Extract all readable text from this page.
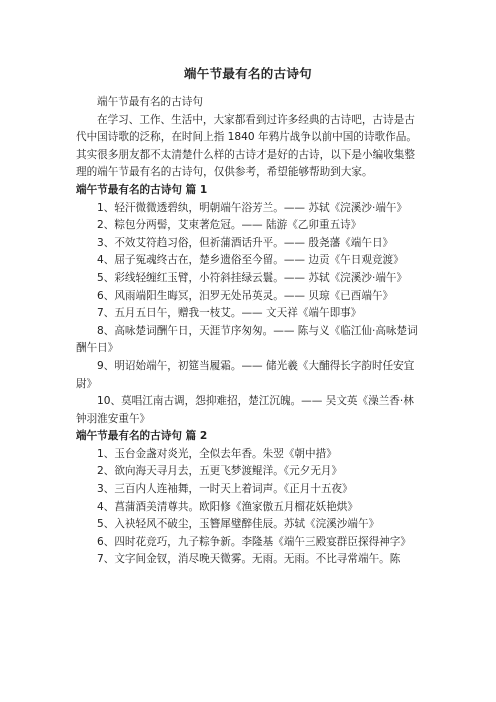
端午节最有名的古诗句

端午节最有名的古诗句

在学习、工作、生活中，大家都看到过许多经典的古诗吧，古诗是古代中国诗歌的泛称，在时间上指 1840 年鸦片战争以前中国的诗歌作品。其实很多朋友都不太清楚什么样的古诗才是好的古诗，以下是小编收集整理的端午节最有名的古诗句，仅供参考，希望能够帮助到大家。

端午节最有名的古诗句 篇 1

1、轻汗微微透碧纨，明朝端午浴芳兰。—— 苏轼《浣溪沙·端午》

2、粽包分两髻，艾束著危冠。—— 陆游《乙卯重五诗》

3、不效艾符趋习俗，但祈蒲酒话升平。—— 殷尧藩《端午日》

4、屈子冤魂终古在，楚乡遗俗至今留。—— 边贡《午日观竞渡》

5、彩线轻缠红玉臂，小符斜挂绿云鬟。—— 苏轼《浣溪沙·端午》

6、风雨端阳生晦冥，汨罗无处吊英灵。—— 贝琼《已酉端午》

7、五月五日午，赠我一枝艾。—— 文天祥《端午即事》

8、高咏楚词酬午日，天涯节序匆匆。—— 陈与义《临江仙·高咏楚词酬午日》

9、明诏始端午，初筵当履霜。—— 储光羲《大酺得长字韵时任安宜尉》

10、莫唱江南古调，怨抑难招，楚江沉魄。—— 吴文英《澡兰香·林钟羽淮安重午》

端午节最有名的古诗句 篇 2

1、玉台金盏对炎光，全似去年香。朱翌《朝中措》

2、欲向海天寻月去，五更飞梦渡鲲洋。《元夕无月》

3、三百内人连袖舞，一时天上着词声。《正月十五夜》

4、菖蒲酒美清尊共。欧阳修《渔家傲五月榴花妖艳烘》

5、入袂轻风不破尘，玉簪犀璧醉佳辰。苏轼《浣溪沙端午》

6、四时花竞巧，九子粽争新。李隆基《端午三殿宴群臣探得神字》

7、文字间金钗，消尽晚天微雾。无雨。无雨。不比寻常端午。陈
